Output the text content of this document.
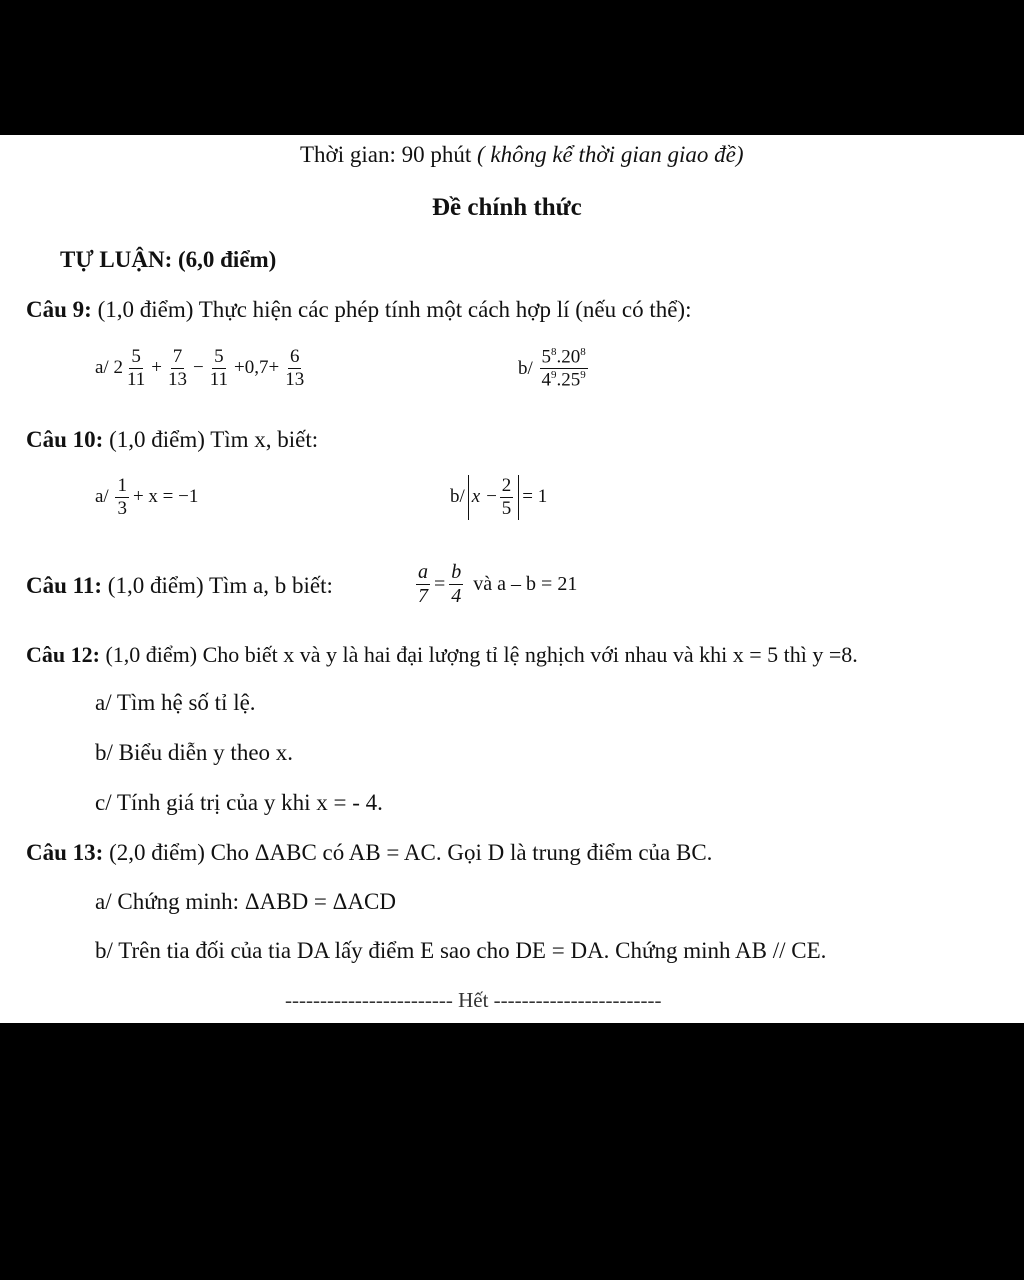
Thời gian: 90 phút ( không kể thời gian giao đề)
Đề chính thức
TỰ LUẬN: (6,0 điểm)
Câu 9: (1,0 điểm) Thực hiện các phép tính một cách hợp lí (nếu có thể):
a/
$2 \frac{5}{11} + \frac{7}{13} - \frac{5}{11} +0,7+ \frac{6}{13}$	b/
$\frac{5^8.20^8}{4^9.25^9}$
Câu 10: (1,0 điểm) Tìm x, biết:
a/
$\frac{1}{3} + x = -1$	b/ $x - \frac{2}{5} = 1$
Câu 11: (1,0 điểm) Tìm a, b biết:	$\frac{a}{7} = \frac{b}{4}$ và a – b = 21
Câu 12: (1,0 điểm) Cho biết x và y là hai đại lượng tỉ lệ nghịch với nhau và khi x = 5 thì y =8.
a/ Tìm hệ số tỉ lệ.
b/ Biểu diễn y theo x.
c/ Tính giá trị của y khi x = - 4.
Câu 13: (2,0 điểm) Cho ΔABC có AB = AC. Gọi D là trung điểm của BC.
a/ Chứng minh: ΔABD = ΔACD
b/ Trên tia đối của tia DA lấy điểm E sao cho DE = DA. Chứng minh AB // CE.
------------------------ Hết ------------------------
